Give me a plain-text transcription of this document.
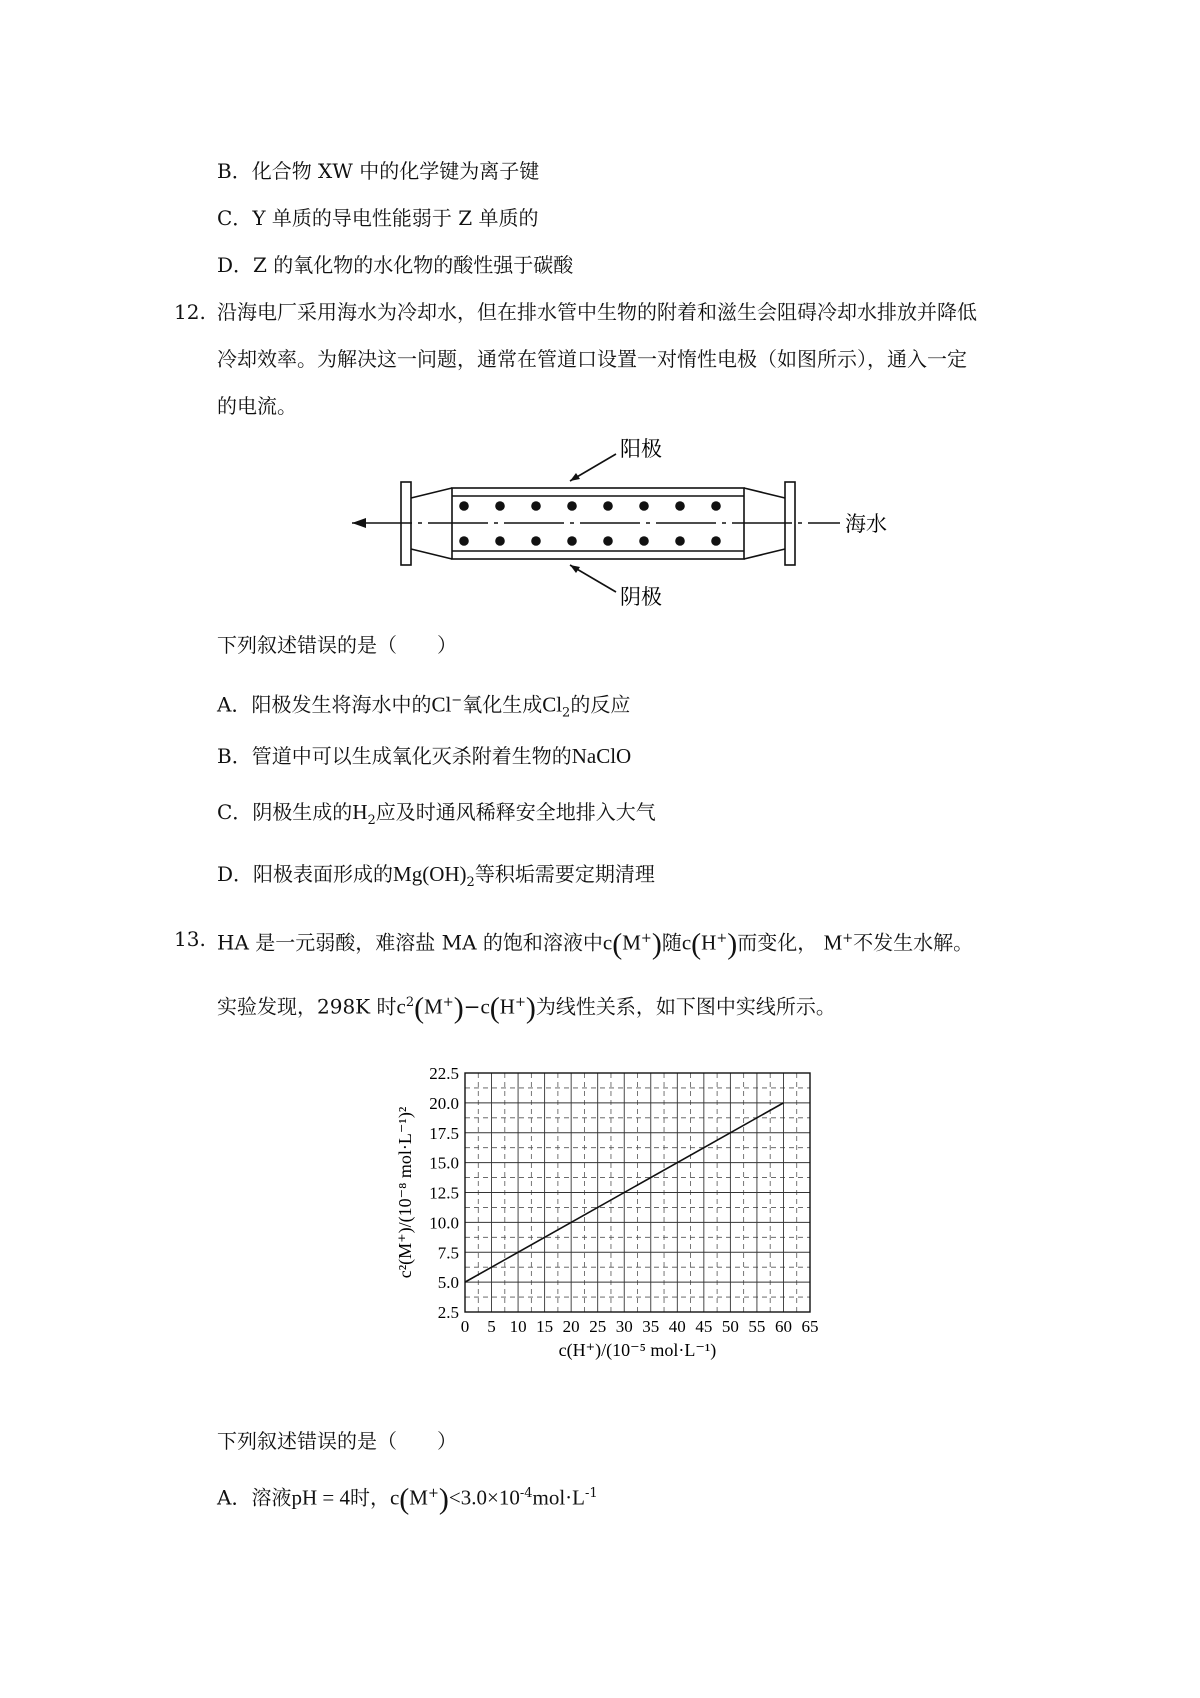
B．化合物 XW 中的化学键为离子键
C．Y 单质的导电性能弱于 Z 单质的
D．Z 的氧化物的水化物的酸性强于碳酸
12. 沿海电厂采用海水为冷却水，但在排水管中生物的附着和滋生会阻碍冷却水排放并降低
冷却效率。为解决这一问题，通常在管道口设置一对惰性电极（如图所示），通入一定
的电流。
阳极
阴极
海水
下列叙述错误的是（　　）
A．阳极发生将海水中的Cl−氧化生成$Cl_2$的反应
B．管道中可以生成氧化灭杀附着生物的NaClO
C．阴极生成的$H_2$应及时通风稀释安全地排入大气
D．阳极表面形成的$Mg(OH)_2$等积垢需要定期清理
13. HA 是一元弱酸，难溶盐 MA 的饱和溶液中c(M+)随c(H+)而变化， M+不发生水解。
实验发现，298K 时$c^2(M^+)-c(H^+)$为线性关系，如下图中实线所示。
0 5 10 15 20 25 30 35 40 45 50 55 60 65
2.5
5.0
7.5
10.0
12.5
15.0
17.5
20.0
22.5
c(H⁺)/(10⁻⁵ mol·L⁻¹)
c²(M⁺)/(10⁻⁸ mol·L⁻¹)²
下列叙述错误的是（　　）
A．溶液pH = 4时，$c(M^+)<3.0\times 10^{-4}mol\cdot L^{-1}$
